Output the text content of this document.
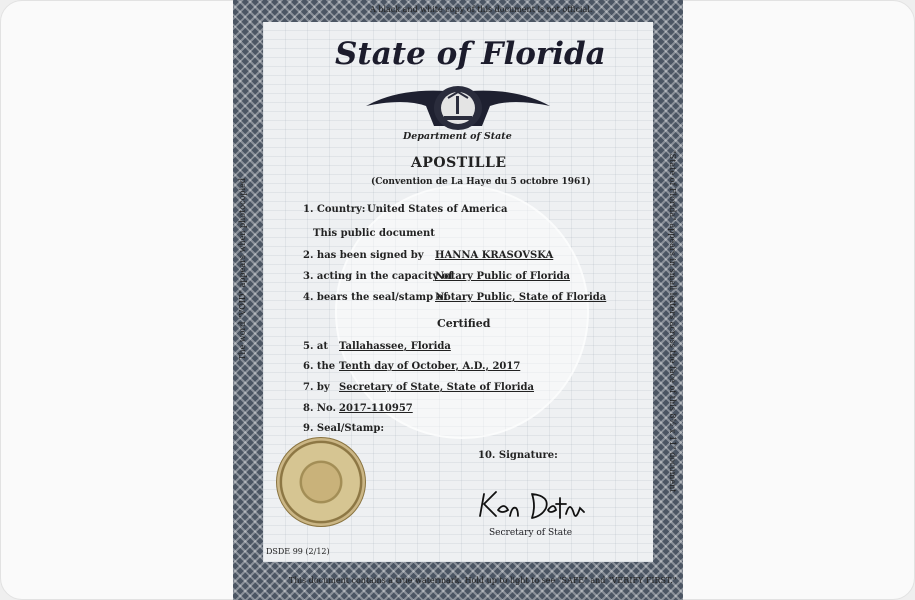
A black and white copy of this document is not official.
The word "VOID" appears when photocopied	"State of Florida" appears in small letters across the face of this 8½ x 11" document
State of Florida
Department of State
APOSTILLE
(Convention de La Haye du 5 octobre 1961)
1. Country: United States of America
This public document
2. has been signed by HANNA KRASOVSKA
3. acting in the capacity of
Notary Public of Florida
4. bears the seal/stamp of
Notary Public, State of Florida
Certified
5. at Tallahassee, Florida
6. the Tenth day of October, A.D., 2017
7. by Secretary of State, State of Florida
8. No. 2017-110957
9. Seal/Stamp:
10. Signature:
Secretary of State
DSDE 99 (2/12)
This document contains a true watermark. Hold up to light to see "SAFE" and "VERIFY FIRST."
